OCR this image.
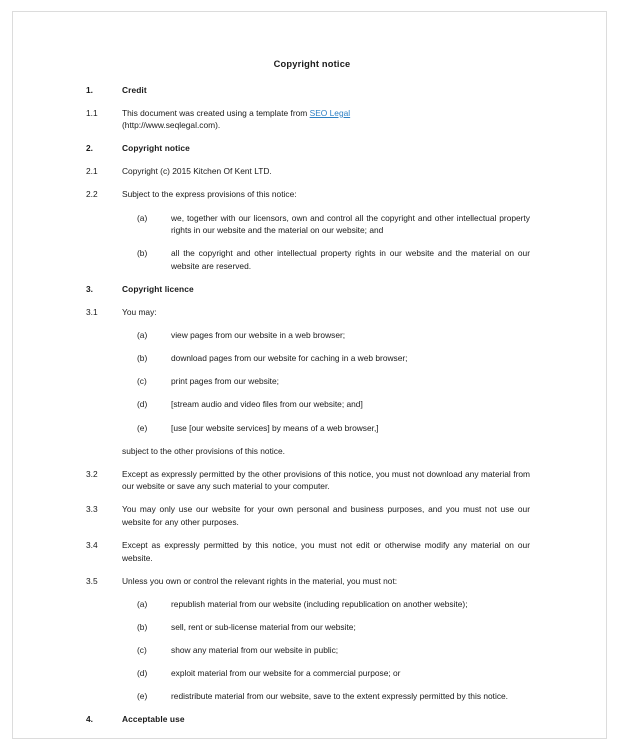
Copyright notice
1.	Credit
1.1	This document was created using a template from SEO Legal
(http://www.seqlegal.com).
2.	Copyright notice
2.1	Copyright (c) 2015 Kitchen Of Kent LTD.
2.2	Subject to the express provisions of this notice:
(a)	we, together with our licensors, own and control all the copyright and other intellectual property rights in our website and the material on our website; and
(b)	all the copyright and other intellectual property rights in our website and the material on our website are reserved.
3.	Copyright licence
3.1	You may:
(a)	view pages from our website in a web browser;
(b)	download pages from our website for caching in a web browser;
(c)	print pages from our website;
(d)	[stream audio and video files from our website; and]
(e)	[use [our website services] by means of a web browser,]
subject to the other provisions of this notice.
3.2	Except as expressly permitted by the other provisions of this notice, you must not download any material from our website or save any such material to your computer.
3.3	You may only use our website for your own personal and business purposes, and you must not use our website for any other purposes.
3.4	Except as expressly permitted by this notice, you must not edit or otherwise modify any material on our website.
3.5	Unless you own or control the relevant rights in the material, you must not:
(a)	republish material from our website (including republication on another website);
(b)	sell, rent or sub-license material from our website;
(c)	show any material from our website in public;
(d)	exploit material from our website for a commercial purpose; or
(e)	redistribute material from our website, save to the extent expressly permitted by this notice.
4.	Acceptable use
